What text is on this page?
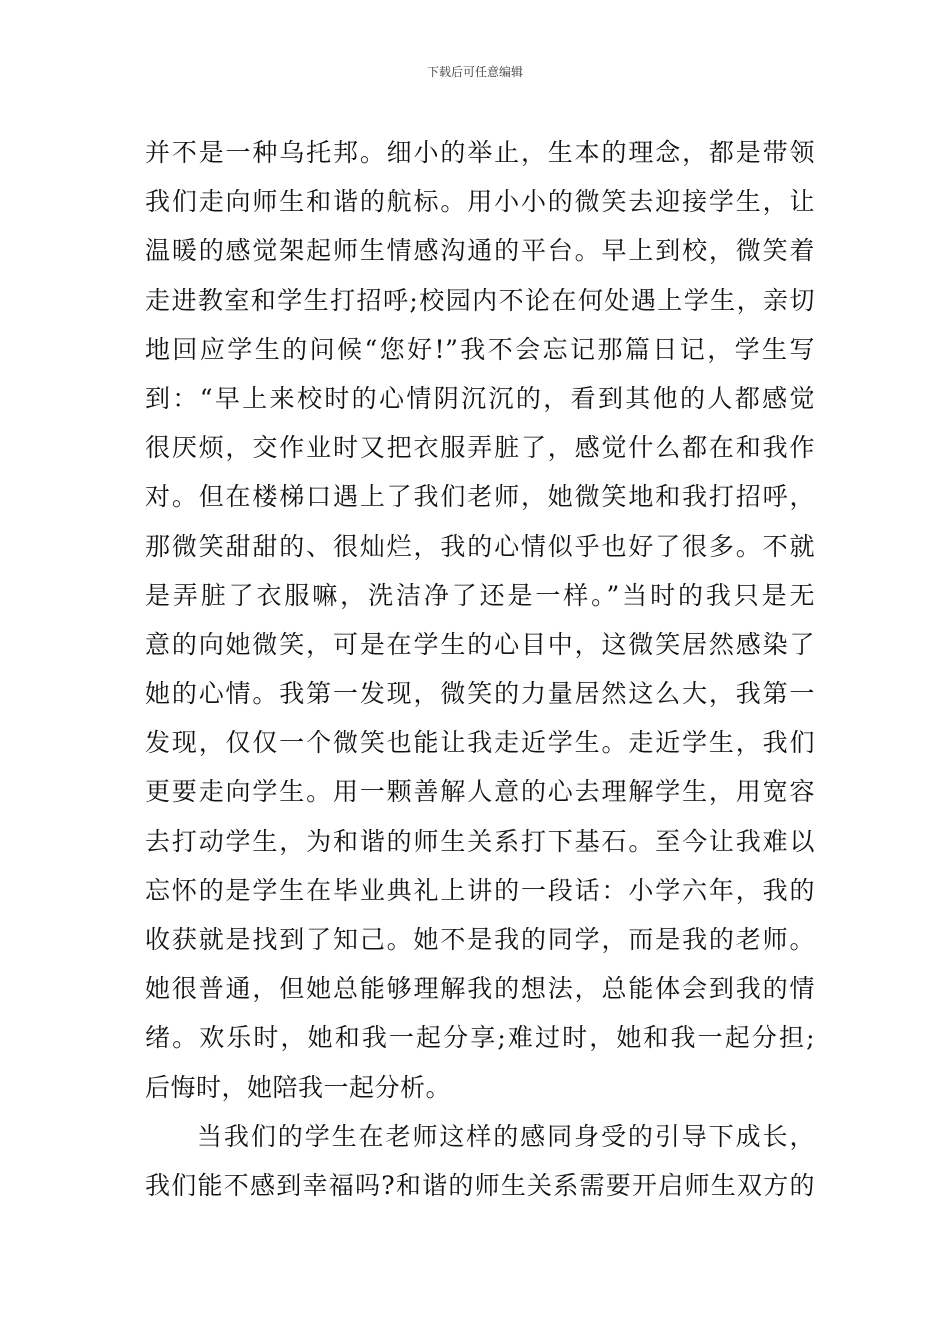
下载后可任意编辑
并不是一种乌托邦。细小的举止，生本的理念，都是带领
我们走向师生和谐的航标。用小小的微笑去迎接学生，让
温暖的感觉架起师生情感沟通的平台。早上到校，微笑着
走进教室和学生打招呼;校园内不论在何处遇上学生，亲切
地回应学生的问候“您好!”我不会忘记那篇日记，学生写
到：“早上来校时的心情阴沉沉的，看到其他的人都感觉
很厌烦，交作业时又把衣服弄脏了，感觉什么都在和我作
对。但在楼梯口遇上了我们老师，她微笑地和我打招呼，
那微笑甜甜的、很灿烂，我的心情似乎也好了很多。不就
是弄脏了衣服嘛，洗洁净了还是一样。”当时的我只是无
意的向她微笑，可是在学生的心目中，这微笑居然感染了
她的心情。我第一发现，微笑的力量居然这么大，我第一
发现，仅仅一个微笑也能让我走近学生。走近学生，我们
更要走向学生。用一颗善解人意的心去理解学生，用宽容
去打动学生，为和谐的师生关系打下基石。至今让我难以
忘怀的是学生在毕业典礼上讲的一段话：小学六年，我的
收获就是找到了知己。她不是我的同学，而是我的老师。
她很普通，但她总能够理解我的想法，总能体会到我的情
绪。欢乐时，她和我一起分享;难过时，她和我一起分担;
后悔时，她陪我一起分析。
当我们的学生在老师这样的感同身受的引导下成长，
我们能不感到幸福吗?和谐的师生关系需要开启师生双方的
